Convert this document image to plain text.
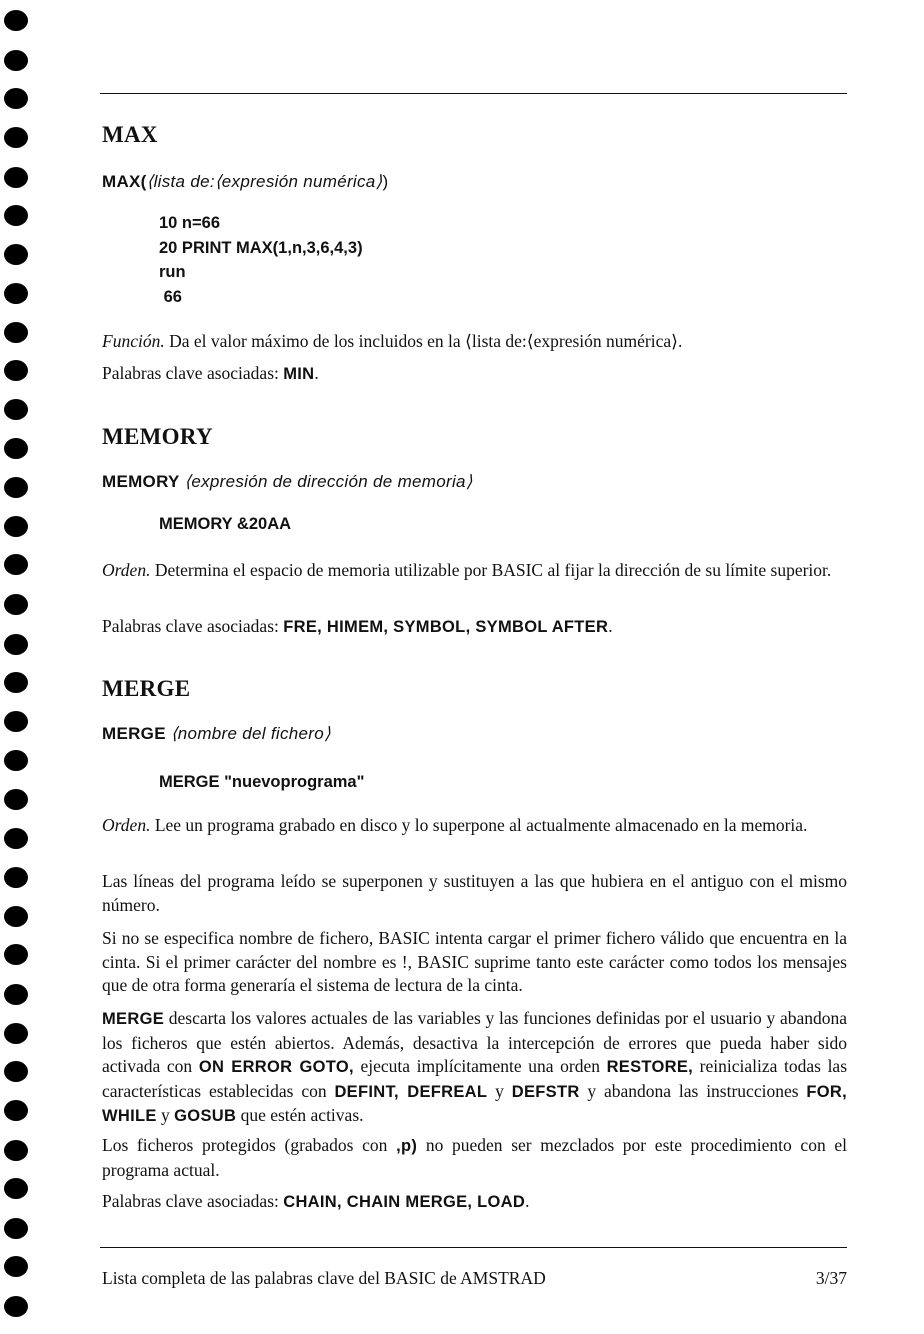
MAX
MAX(⟨lista de:⟨expresión numérica⟩)
10 n=66
20 PRINT MAX(1,n,3,6,4,3)
run
66

Función. Da el valor máximo de los incluidos en la ⟨lista de:⟨expresión numérica⟩.

Palabras clave asociadas: MIN.

MEMORY
MEMORY ⟨expresión de dirección de memoria⟩
MEMORY &20AA

Orden. Determina el espacio de memoria utilizable por BASIC al fijar la dirección de su límite superior.

Palabras clave asociadas: FRE, HIMEM, SYMBOL, SYMBOL AFTER.

MERGE
MERGE ⟨nombre del fichero⟩
MERGE "nuevoprograma"

Orden. Lee un programa grabado en disco y lo superpone al actualmente almacenado en la memoria.

Las líneas del programa leído se superponen y sustituyen a las que hubiera en el antiguo con el mismo número.

Si no se especifica nombre de fichero, BASIC intenta cargar el primer fichero válido que encuentra en la cinta. Si el primer carácter del nombre es !, BASIC suprime tanto este carácter como todos los mensajes que de otra forma generaría el sistema de lectura de la cinta.

MERGE descarta los valores actuales de las variables y las funciones definidas por el usuario y abandona los ficheros que estén abiertos. Además, desactiva la intercepción de errores que pueda haber sido activada con ON ERROR GOTO, ejecuta implícitamente una orden RESTORE, reinicializa todas las características establecidas con DEFINT, DEFREAL y DEFSTR y abandona las instrucciones FOR, WHILE y GOSUB que estén activas.

Los ficheros protegidos (grabados con ,p) no pueden ser mezclados por este procedimiento con el programa actual.

Palabras clave asociadas: CHAIN, CHAIN MERGE, LOAD.

Lista completa de las palabras clave del BASIC de AMSTRAD	3/37
